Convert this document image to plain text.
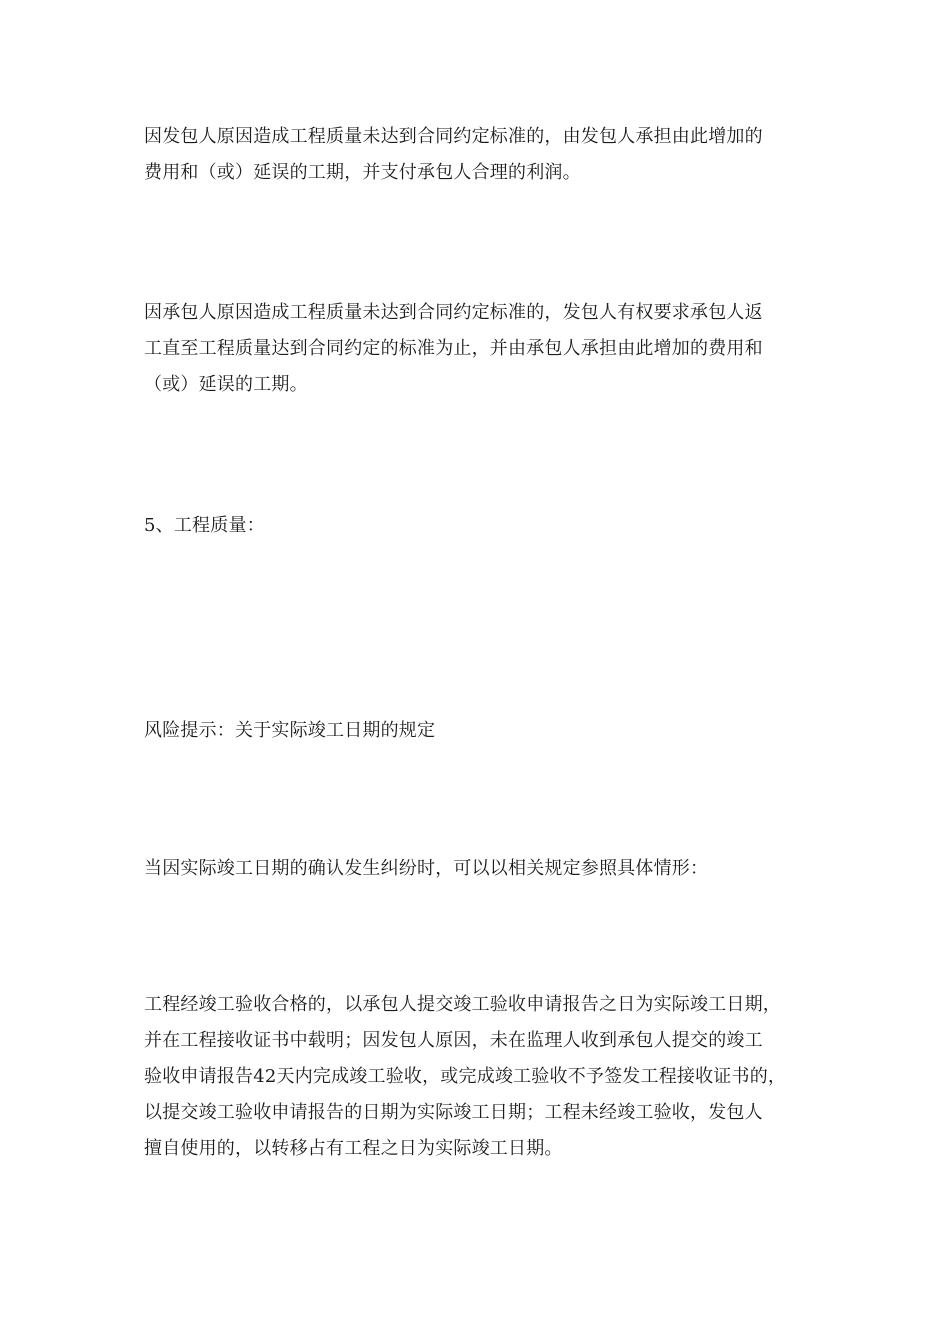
因发包人原因造成工程质量未达到合同约定标准的，由发包人承担由此增加的
费用和（或）延误的工期，并支付承包人合理的利润。

因承包人原因造成工程质量未达到合同约定标准的，发包人有权要求承包人返
工直至工程质量达到合同约定的标准为止，并由承包人承担由此增加的费用和
（或）延误的工期。

5、工程质量：

风险提示：关于实际竣工日期的规定

当因实际竣工日期的确认发生纠纷时，可以以相关规定参照具体情形：

工程经竣工验收合格的，以承包人提交竣工验收申请报告之日为实际竣工日期，
并在工程接收证书中载明；因发包人原因，未在监理人收到承包人提交的竣工
验收申请报告42天内完成竣工验收，或完成竣工验收不予签发工程接收证书的，
以提交竣工验收申请报告的日期为实际竣工日期；工程未经竣工验收，发包人
擅自使用的，以转移占有工程之日为实际竣工日期。
